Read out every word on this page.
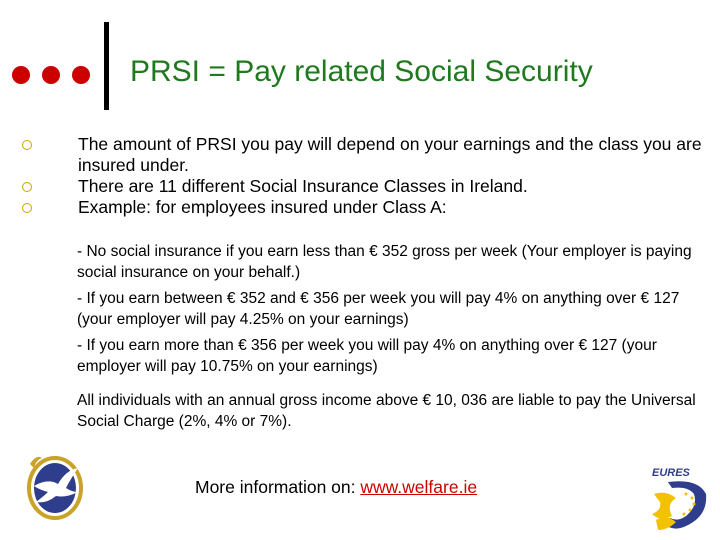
PRSI = Pay related Social Security
The amount of PRSI you pay will depend on your earnings and the class you are insured under.
There are 11 different Social Insurance Classes in Ireland.
Example: for employees insured under Class A:
- No social insurance if you earn less than € 352 gross per week (Your employer is paying social insurance on your behalf.)
- If you earn between € 352 and € 356 per week you will pay 4% on anything over € 127 (your employer will pay 4.25% on your earnings)
- If you earn more than € 356 per week you will pay 4% on anything over € 127 (your employer will pay 10.75% on your earnings)
All individuals with an annual gross income above € 10, 036 are liable to pay the Universal Social Charge (2%, 4% or 7%).
More information on: www.welfare.ie
EURES
